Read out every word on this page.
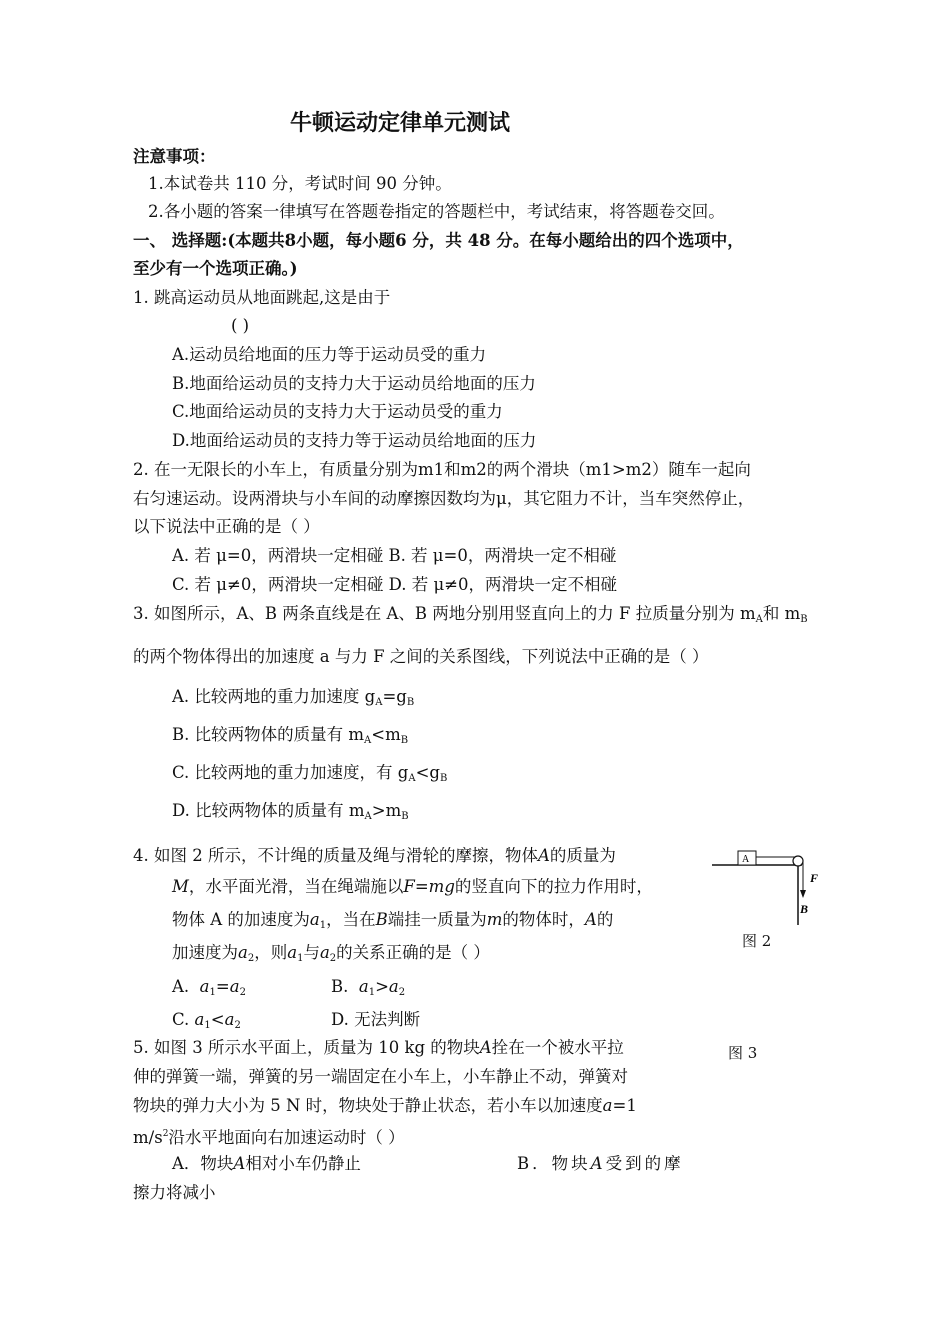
牛顿运动定律单元测试
注意事项：
1.本试卷共 110 分，考试时间 90 分钟。
2.各小题的答案一律填写在答题卷指定的答题栏中，考试结束，将答题卷交回。
一、 选择题:(本题共8小题，每小题6 分，共 48 分。在每小题给出的四个选项中，
至少有一个选项正确。)
1. 跳高运动员从地面跳起,这是由于
( )
A.运动员给地面的压力等于运动员受的重力
B.地面给运动员的支持力大于运动员给地面的压力
C.地面给运动员的支持力大于运动员受的重力
D.地面给运动员的支持力等于运动员给地面的压力
2. 在一无限长的小车上，有质量分别为m1和m2的两个滑块（m1>m2）随车一起向
右匀速运动。设两滑块与小车间的动摩擦因数均为μ，其它阻力不计，当车突然停止，
以下说法中正确的是（ ）
A. 若 μ=0，两滑块一定相碰 B. 若 μ=0，两滑块一定不相碰
C. 若 μ≠0，两滑块一定相碰 D. 若 μ≠0，两滑块一定不相碰
3. 如图所示，A、B 两条直线是在 A、B 两地分别用竖直向上的力 F 拉质量分别为 $m_A$和 $m_B$
的两个物体得出的加速度 a 与力 F 之间的关系图线，下列说法中正确的是（ ）
A. 比较两地的重力加速度 $g_A=g_B$
B. 比较两物体的质量有 $m_A<m_B$
C. 比较两地的重力加速度，有 $g_A<g_B$
D. 比较两物体的质量有 $m_A>m_B$
4. 如图 2 所示，不计绳的质量及绳与滑轮的摩擦，物体A的质量为
M，水平面光滑，当在绳端施以F=mg的竖直向下的拉力作用时，
物体 A 的加速度为$a_1$，当在B端挂一质量为m的物体时，A的
加速度为$a_2$，则$a_1$与$a_2$的关系正确的是（ ）
A. $a_1=a_2$	B. $a_1>a_2$
C. $a_1<a_2$	D. 无法判断
A
F
B
图 2
5. 如图 3 所示水平面上，质量为 10 kg 的物块A拴在一个被水平拉	图 3
伸的弹簧一端，弹簧的另一端固定在小车上，小车静止不动，弹簧对
物块的弹力大小为 5 N 时，物块处于静止状态，若小车以加速度a=1
$m/s^2$沿水平地面向右加速运动时（ ）
A．物块A相对小车仍静止	B．物块A受到的摩
擦力将减小
